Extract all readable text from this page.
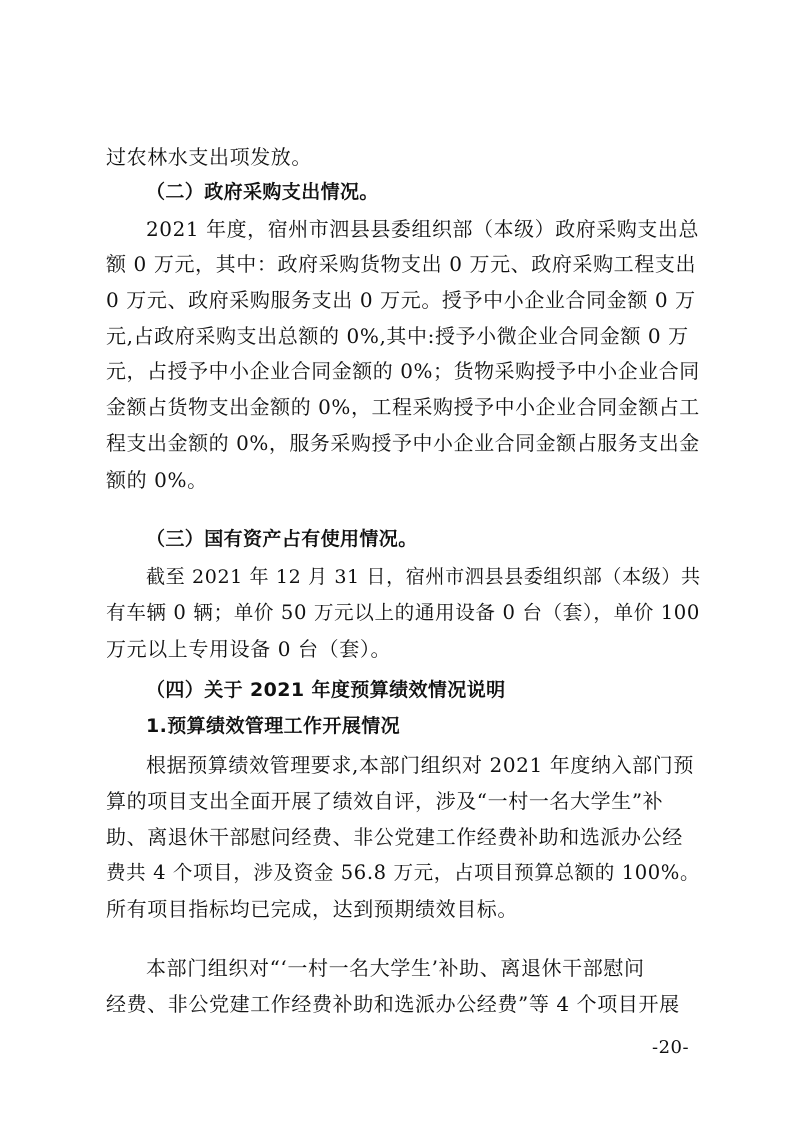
过农林水支出项发放。
（二）政府采购支出情况。
2021 年度，宿州市泗县县委组织部（本级）政府采购支出总
额 0 万元，其中：政府采购货物支出 0 万元、政府采购工程支出
0 万元、政府采购服务支出 0 万元。授予中小企业合同金额 0 万
元,占政府采购支出总额的 0%,其中:授予小微企业合同金额 0 万
元，占授予中小企业合同金额的 0%；货物采购授予中小企业合同
金额占货物支出金额的 0%，工程采购授予中小企业合同金额占工
程支出金额的 0%，服务采购授予中小企业合同金额占服务支出金
额的 0%。
（三）国有资产占有使用情况。
截至 2021 年 12 月 31 日，宿州市泗县县委组织部（本级）共
有车辆 0 辆；单价 50 万元以上的通用设备 0 台（套），单价 100
万元以上专用设备 0 台（套）。
（四）关于 2021 年度预算绩效情况说明
1.预算绩效管理工作开展情况
根据预算绩效管理要求,本部门组织对 2021 年度纳入部门预
算的项目支出全面开展了绩效自评，涉及“一村一名大学生”补
助、离退休干部慰问经费、非公党建工作经费补助和选派办公经
费共 4 个项目，涉及资金 56.8 万元，占项目预算总额的 100%。
所有项目指标均已完成，达到预期绩效目标。
本部门组织对“‘一村一名大学生’补助、离退休干部慰问
经费、非公党建工作经费补助和选派办公经费”等 4 个项目开展
-20-
